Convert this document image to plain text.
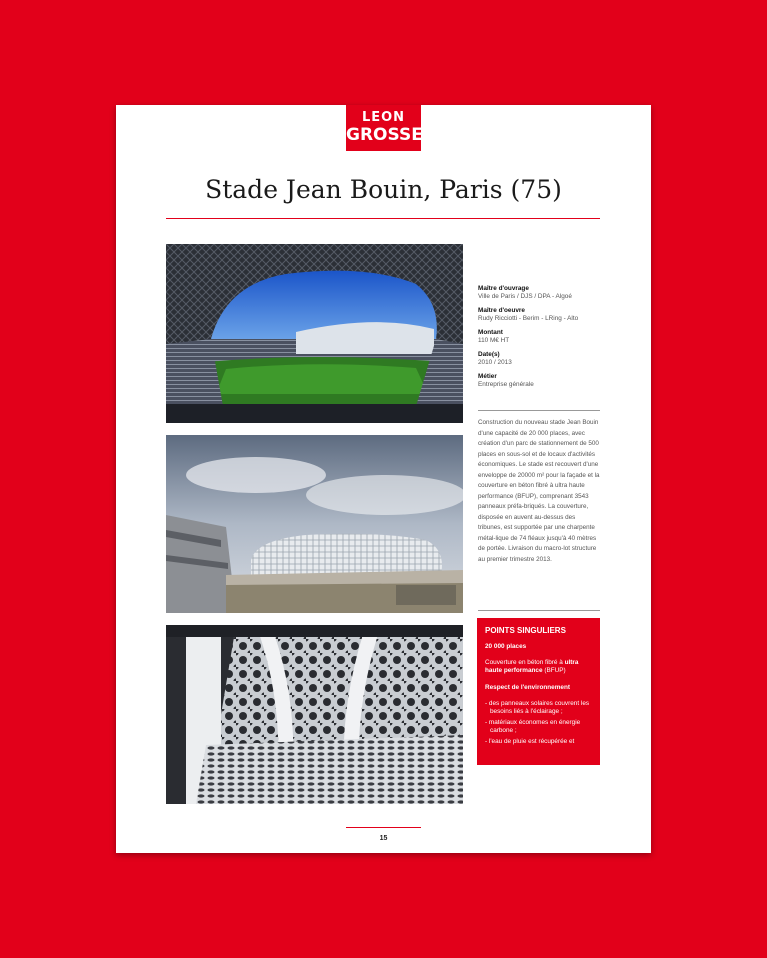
LEON
GROSSE
Stade Jean Bouin, Paris (75)
Maître d'ouvrage
Ville de Paris / DJS / DPA - Algoé
Maître d'oeuvre
Rudy Ricciotti - Berim - LRing - Alto
Montant
110 M€ HT
Date(s)
2010 / 2013
Métier
Entreprise générale
Construction du nouveau stade Jean Bouin d'une capacité de 20 000 places, avec création d'un parc de stationnement de 500 places en sous-sol et de locaux d'activités économiques. Le stade est recouvert d'une enveloppe de 20000 m² pour la façade et la couverture en béton fibré à ultra haute performance (BFUP), comprenant 3543 panneaux préfa-briqués. La couverture, disposée en auvent au-dessus des tribunes, est supportée par une charpente métal-lique de 74 fléaux jusqu'à 40 mètres de portée. Livraison du macro-lot structure au premier trimestre 2013.
POINTS SINGULIERS
20 000 places
Couverture en béton fibré à ultra haute performance (BFUP)
Respect de l'environnement
- des panneaux solaires couvrent les besoins liés à l'éclairage ;
- matériaux économes en énergie carbone ;
- l'eau de pluie est récupérée et
15
